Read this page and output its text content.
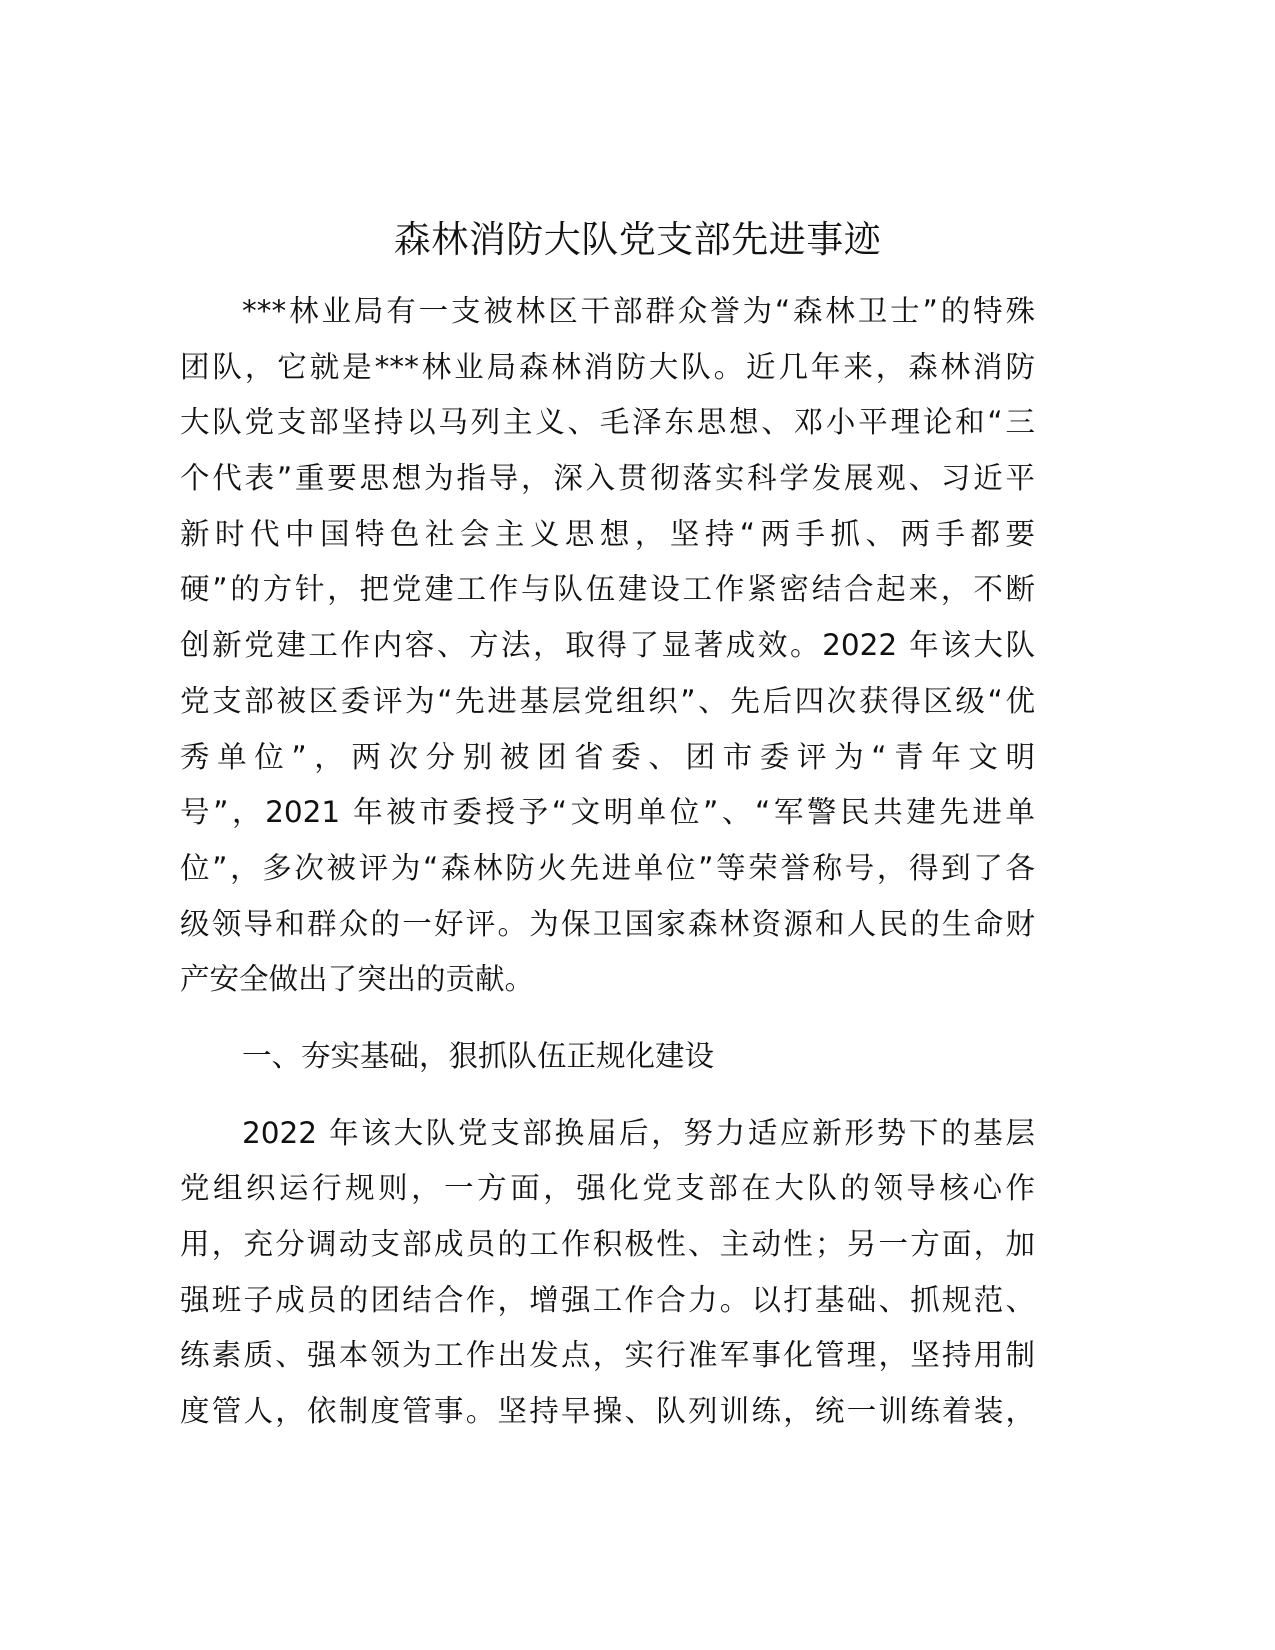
森林消防大队党支部先进事迹
***林业局有一支被林区干部群众誉为“森林卫士”的特殊
团队，它就是***林业局森林消防大队。近几年来，森林消防
大队党支部坚持以马列主义、毛泽东思想、邓小平理论和“三
个代表”重要思想为指导，深入贯彻落实科学发展观、习近平
新时代中国特色社会主义思想，坚持“两手抓、两手都要
硬”的方针，把党建工作与队伍建设工作紧密结合起来，不断
创新党建工作内容、方法，取得了显著成效。2022 年该大队
党支部被区委评为“先进基层党组织”、先后四次获得区级“优
秀单位”，两次分别被团省委、团市委评为“青年文明
号”，2021 年被市委授予“文明单位”、“军警民共建先进单
位”，多次被评为“森林防火先进单位”等荣誉称号，得到了各
级领导和群众的一好评。为保卫国家森林资源和人民的生命财
产安全做出了突出的贡献。
一、夯实基础，狠抓队伍正规化建设
2022 年该大队党支部换届后，努力适应新形势下的基层
党组织运行规则，一方面，强化党支部在大队的领导核心作
用，充分调动支部成员的工作积极性、主动性；另一方面，加
强班子成员的团结合作，增强工作合力。以打基础、抓规范、
练素质、强本领为工作出发点，实行准军事化管理，坚持用制
度管人，依制度管事。坚持早操、队列训练，统一训练着装，
